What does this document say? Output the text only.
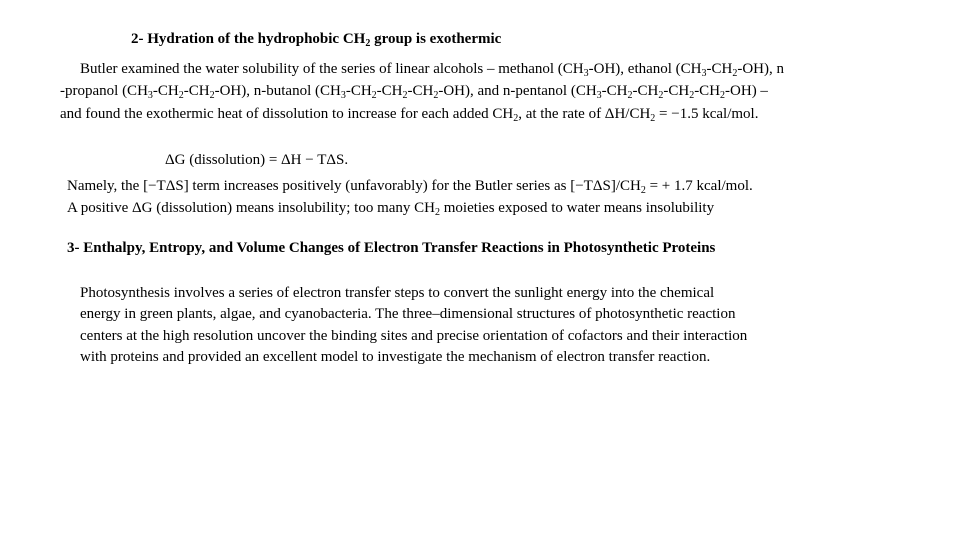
2- Hydration of the hydrophobic $CH_2$ group is exothermic
Butler examined the water solubility of the series of linear alcohols – methanol $(CH_3-OH)$, ethanol $(CH_3-CH_2-OH)$, n
-propanol $(CH_3-CH_2-CH_2-OH)$, n-butanol $(CH_3-CH_2-CH_2-CH_2-OH)$, and n-pentanol $(CH_3-CH_2-CH_2-CH_2-CH_2-OH)$ –
and found the exothermic heat of dissolution to increase for each added $CH_2$, at the rate of $\Delta H/CH_2 = -1.5$ kcal/mol.
ΔG (dissolution) = ΔH − TΔS.
Namely, the [−TΔS] term increases positively (unfavorably) for the Butler series as $[-T\Delta S]/CH_2$ = + 1.7 kcal/mol.
A positive ΔG (dissolution) means insolubility; too many $CH_2$ moieties exposed to water means insolubility
3- Enthalpy, Entropy, and Volume Changes of Electron Transfer Reactions in Photosynthetic Proteins
Photosynthesis involves a series of electron transfer steps to convert the sunlight energy into the chemical
energy in green plants, algae, and cyanobacteria. The three–dimensional structures of photosynthetic reaction
centers at the high resolution uncover the binding sites and precise orientation of cofactors and their interaction
with proteins and provided an excellent model to investigate the mechanism of electron transfer reaction.
